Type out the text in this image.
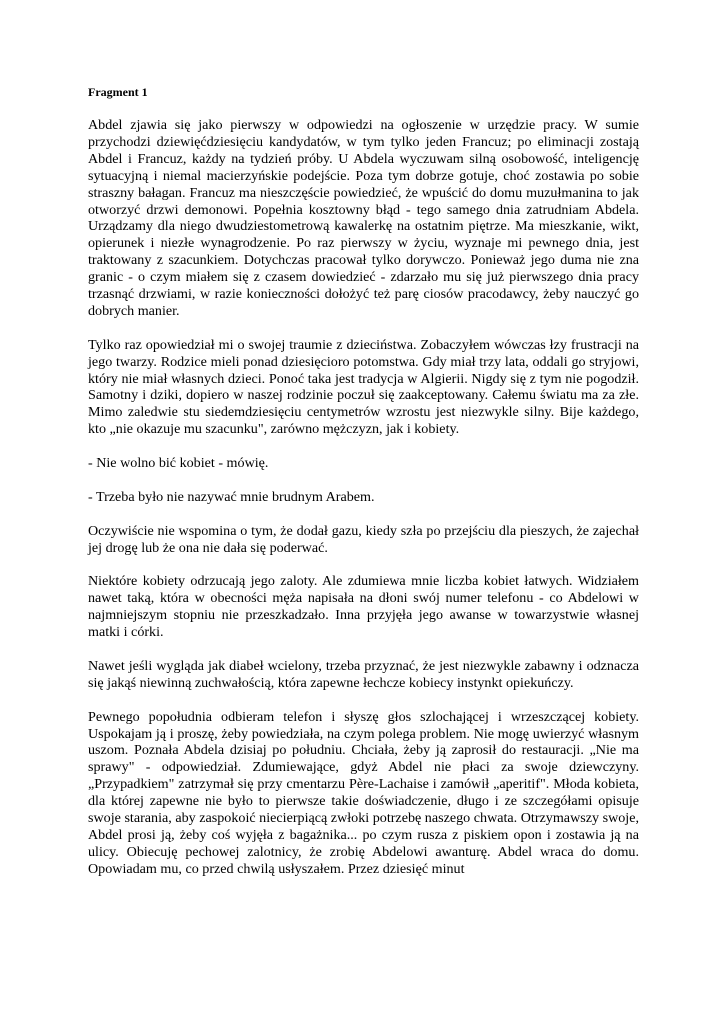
Fragment 1

Abdel zjawia się jako pierwszy w odpowiedzi na ogłoszenie w urzędzie pracy. W sumie przychodzi dziewięćdziesięciu kandydatów, w tym tylko jeden Francuz; po eliminacji zostają Abdel i Francuz, każdy na tydzień próby. U Abdela wyczuwam silną osobowość, inteligencję sytuacyjną i niemal macierzyńskie podejście. Poza tym dobrze gotuje, choć zostawia po sobie straszny bałagan. Francuz ma nieszczęście powiedzieć, że wpuścić do domu muzułmanina to jak otworzyć drzwi demonowi. Popełnia kosztowny błąd - tego samego dnia zatrudniam Abdela. Urządzamy dla niego dwudziestometrową kawalerkę na ostatnim piętrze. Ma mieszkanie, wikt, opierunek i niezłe wynagrodzenie. Po raz pierwszy w życiu, wyznaje mi pewnego dnia, jest traktowany z szacunkiem. Dotychczas pracował tylko dorywczo. Ponieważ jego duma nie zna granic - o czym miałem się z czasem dowiedzieć - zdarzało mu się już pierwszego dnia pracy trzasnąć drzwiami, w razie konieczności dołożyć też parę ciosów pracodawcy, żeby nauczyć go dobrych manier.

Tylko raz opowiedział mi o swojej traumie z dzieciństwa. Zobaczyłem wówczas łzy frustracji na jego twarzy. Rodzice mieli ponad dziesięcioro potomstwa. Gdy miał trzy lata, oddali go stryjowi, który nie miał własnych dzieci. Ponoć taka jest tradycja w Algierii. Nigdy się z tym nie pogodził. Samotny i dziki, dopiero w naszej rodzinie poczuł się zaakceptowany. Całemu światu ma za złe. Mimo zaledwie stu siedemdziesięciu centymetrów wzrostu jest niezwykle silny. Bije każdego, kto „nie okazuje mu szacunku", zarówno mężczyzn, jak i kobiety.

- Nie wolno bić kobiet - mówię.

- Trzeba było nie nazywać mnie brudnym Arabem.

Oczywiście nie wspomina o tym, że dodał gazu, kiedy szła po przejściu dla pieszych, że zajechał jej drogę lub że ona nie dała się poderwać.

Niektóre kobiety odrzucają jego zaloty. Ale zdumiewa mnie liczba kobiet łatwych. Widziałem nawet taką, która w obecności męża napisała na dłoni swój numer telefonu - co Abdelowi w najmniejszym stopniu nie przeszkadzało. Inna przyjęła jego awanse w towarzystwie własnej matki i córki.

Nawet jeśli wygląda jak diabeł wcielony, trzeba przyznać, że jest niezwykle zabawny i odznacza się jakąś niewinną zuchwałością, która zapewne łechcze kobiecy instynkt opiekuńczy.

Pewnego popołudnia odbieram telefon i słyszę głos szlochającej i wrzeszczącej kobiety. Uspokajam ją i proszę, żeby powiedziała, na czym polega problem. Nie mogę uwierzyć własnym uszom. Poznała Abdela dzisiaj po południu. Chciała, żeby ją zaprosił do restauracji. „Nie ma sprawy" - odpowiedział. Zdumiewające, gdyż Abdel nie płaci za swoje dziewczyny. „Przypadkiem" zatrzymał się przy cmentarzu Père-Lachaise i zamówił „aperitif". Młoda kobieta, dla której zapewne nie było to pierwsze takie doświadczenie, długo i ze szczegółami opisuje swoje starania, aby zaspokoić niecierpiącą zwłoki potrzebę naszego chwata. Otrzymawszy swoje, Abdel prosi ją, żeby coś wyjęła z bagażnika... po czym rusza z piskiem opon i zostawia ją na ulicy. Obiecuję pechowej zalotnicy, że zrobię Abdelowi awanturę. Abdel wraca do domu. Opowiadam mu, co przed chwilą usłyszałem. Przez dziesięć minut
